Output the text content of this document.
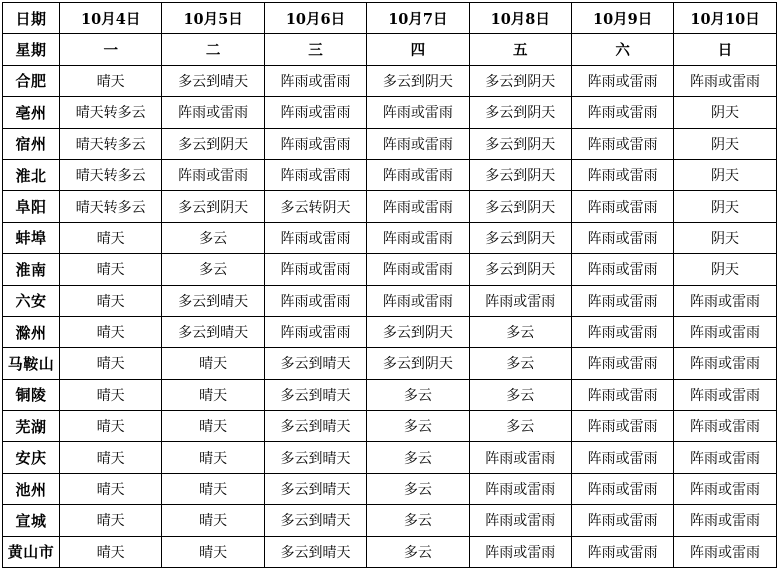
日期	10月4日	10月5日	10月6日	10月7日	10月8日	10月9日	10月10日
星期	一	二	三	四	五	六	日
合肥	晴天	多云到晴天	阵雨或雷雨	多云到阴天	多云到阴天	阵雨或雷雨	阵雨或雷雨
亳州	晴天转多云	阵雨或雷雨	阵雨或雷雨	阵雨或雷雨	多云到阴天	阵雨或雷雨	阴天
宿州	晴天转多云	多云到阴天	阵雨或雷雨	阵雨或雷雨	多云到阴天	阵雨或雷雨	阴天
淮北	晴天转多云	阵雨或雷雨	阵雨或雷雨	阵雨或雷雨	多云到阴天	阵雨或雷雨	阴天
阜阳	晴天转多云	多云到阴天	多云转阴天	阵雨或雷雨	多云到阴天	阵雨或雷雨	阴天
蚌埠	晴天	多云	阵雨或雷雨	阵雨或雷雨	多云到阴天	阵雨或雷雨	阴天
淮南	晴天	多云	阵雨或雷雨	阵雨或雷雨	多云到阴天	阵雨或雷雨	阴天
六安	晴天	多云到晴天	阵雨或雷雨	阵雨或雷雨	阵雨或雷雨	阵雨或雷雨	阵雨或雷雨
滁州	晴天	多云到晴天	阵雨或雷雨	多云到阴天	多云	阵雨或雷雨	阵雨或雷雨
马鞍山	晴天	晴天	多云到晴天	多云到阴天	多云	阵雨或雷雨	阵雨或雷雨
铜陵	晴天	晴天	多云到晴天	多云	多云	阵雨或雷雨	阵雨或雷雨
芜湖	晴天	晴天	多云到晴天	多云	多云	阵雨或雷雨	阵雨或雷雨
安庆	晴天	晴天	多云到晴天	多云	阵雨或雷雨	阵雨或雷雨	阵雨或雷雨
池州	晴天	晴天	多云到晴天	多云	阵雨或雷雨	阵雨或雷雨	阵雨或雷雨
宣城	晴天	晴天	多云到晴天	多云	阵雨或雷雨	阵雨或雷雨	阵雨或雷雨
黄山市	晴天	晴天	多云到晴天	多云	阵雨或雷雨	阵雨或雷雨	阵雨或雷雨
